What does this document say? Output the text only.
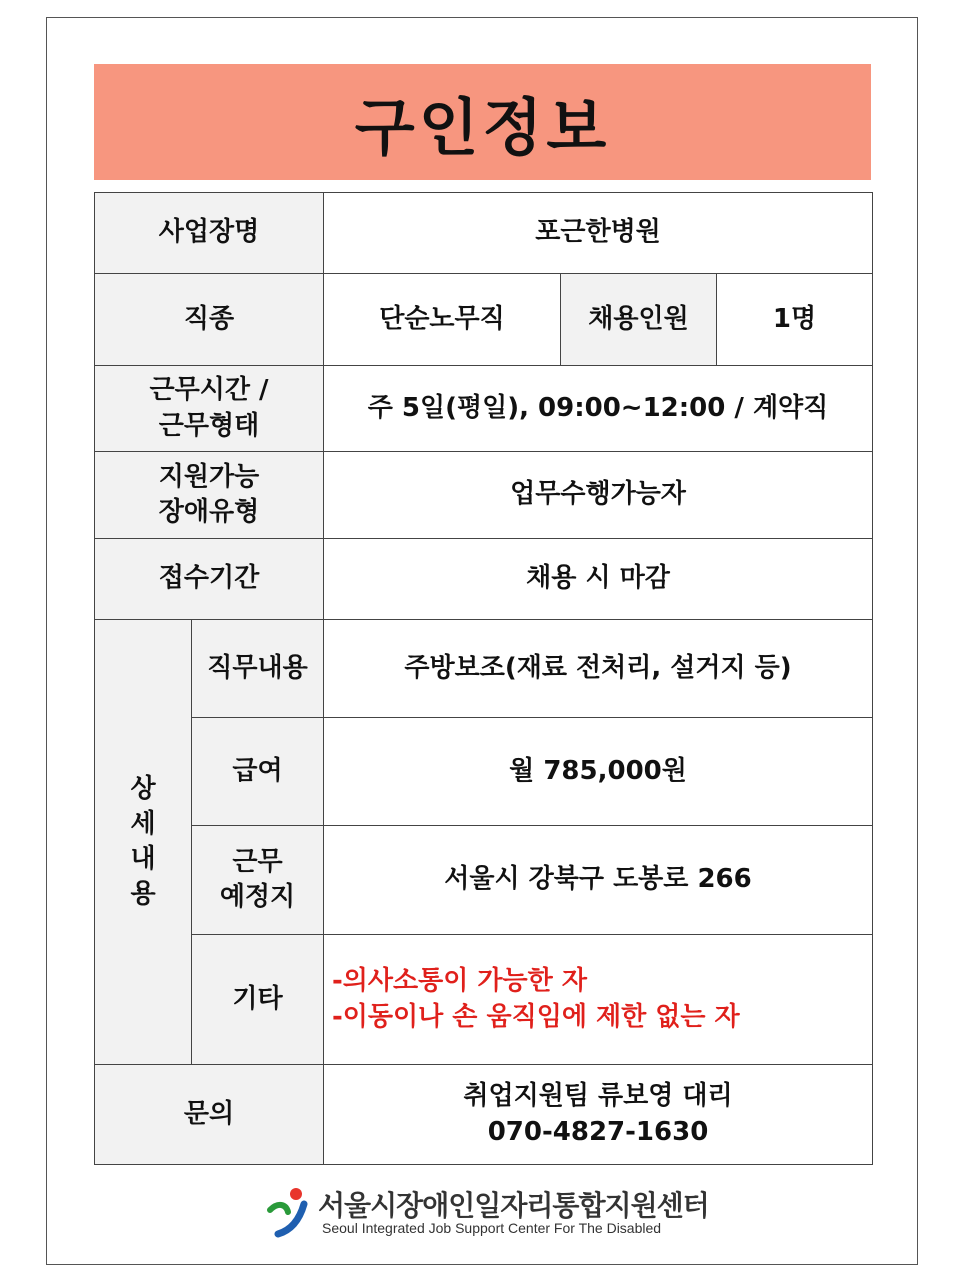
구인정보
사업장명		포근한병원		
직종		단순노무직	채용인원	1명

근무시간 /
근무형태		주 5일(평일), 09:00~12:00 / 계약직		

지원가능
장애유형		업무수행가능자		
접수기간		채용 시 마감		
상세내용	직무내용	주방보조(재료 전처리, 설거지 등)		
	급여	월 785,000원		

	근무
예정지	서울시 강북구 도봉로 266		
	기타	-의사소통이 가능한 자
-이동이나 손 움직임에 제한 없는 자		

문의		취업지원팀 류보영 대리
070-4827-1630		
서울시장애인일자리통합지원센터
Seoul Integrated Job Support Center For The Disabled
